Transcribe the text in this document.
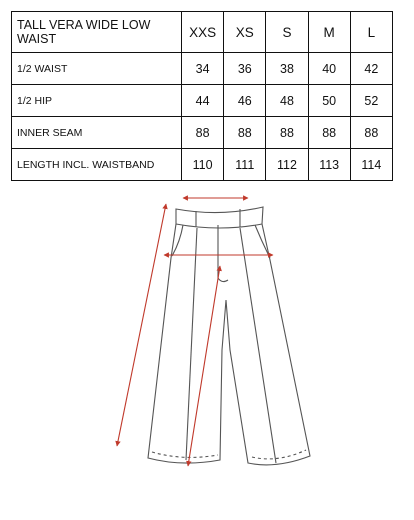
TALL VERA WIDE LOW WAIST	XXS	XS	S	M	L
1/2 WAIST	34	36	38	40	42
1/2 HIP	44	46	48	50	52
INNER SEAM	88	88	88	88	88
LENGTH INCL. WAISTBAND	110	111	112	113	114
